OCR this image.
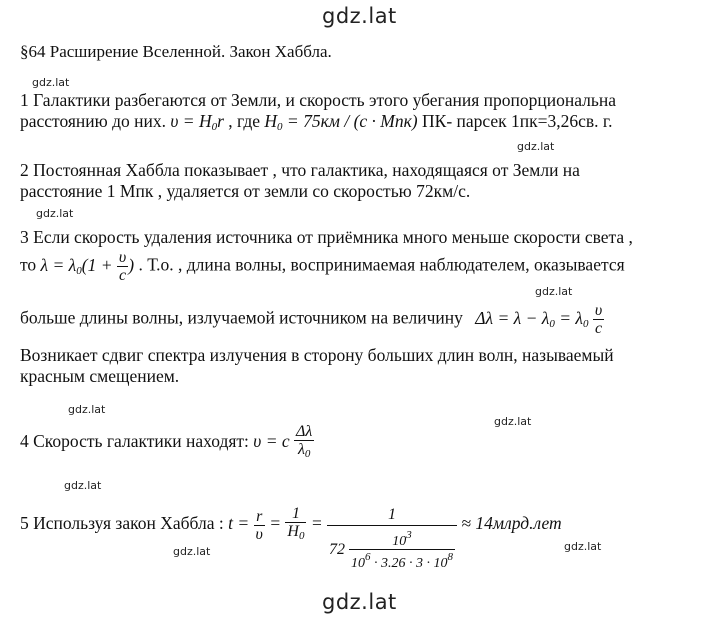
gdz.lat
gdz.lat
gdz.lat
gdz.lat
gdz.lat
gdz.lat
gdz.lat
gdz.lat
gdz.lat	gdz.lat
gdz.lat
§64 Расширение Вселенной. Закон Хаббла.
1 Галактики разбегаются от Земли, и скорость этого убегания пропорциональна
расстоянию до них. $\upsilon = H_0r$ , где $H_0 = 75км / (c \cdot Мпк)$ ПК- парсек 1пк=3,26св. г.
2 Постоянная Хаббла показывает , что галактика, находящаяся от Земли на
расстояние 1 Мпк , удаляется от земли со скоростью 72км/с.
3 Если скорость удаления источника от приёмника много меньше скорости света ,
то $\lambda = \lambda_0(1 + \frac{\upsilon}{c}$ ) . Т.о. , длина волны, воспринимаемая наблюдателем, оказывается
больше длины волны, излучаемой источником на величину $\Delta\lambda = \lambda - \lambda_0 = \lambda_0 \frac{\upsilon}{c}$
Возникает сдвиг спектра излучения в сторону больших длин волн, называемый
красным смещением.
4 Скорость галактики находят: υ = c $\frac{\Delta\lambda}{\lambda_0}$
5 Используя закон Хаббла : $t = \frac{r}{\upsilon} = \frac{1}{H_0} = \frac{1}{72 \frac{10^3}{10^6 \cdot 3.26 \cdot 3 \cdot 10^8}}$ ≈ 14млрд.лет
